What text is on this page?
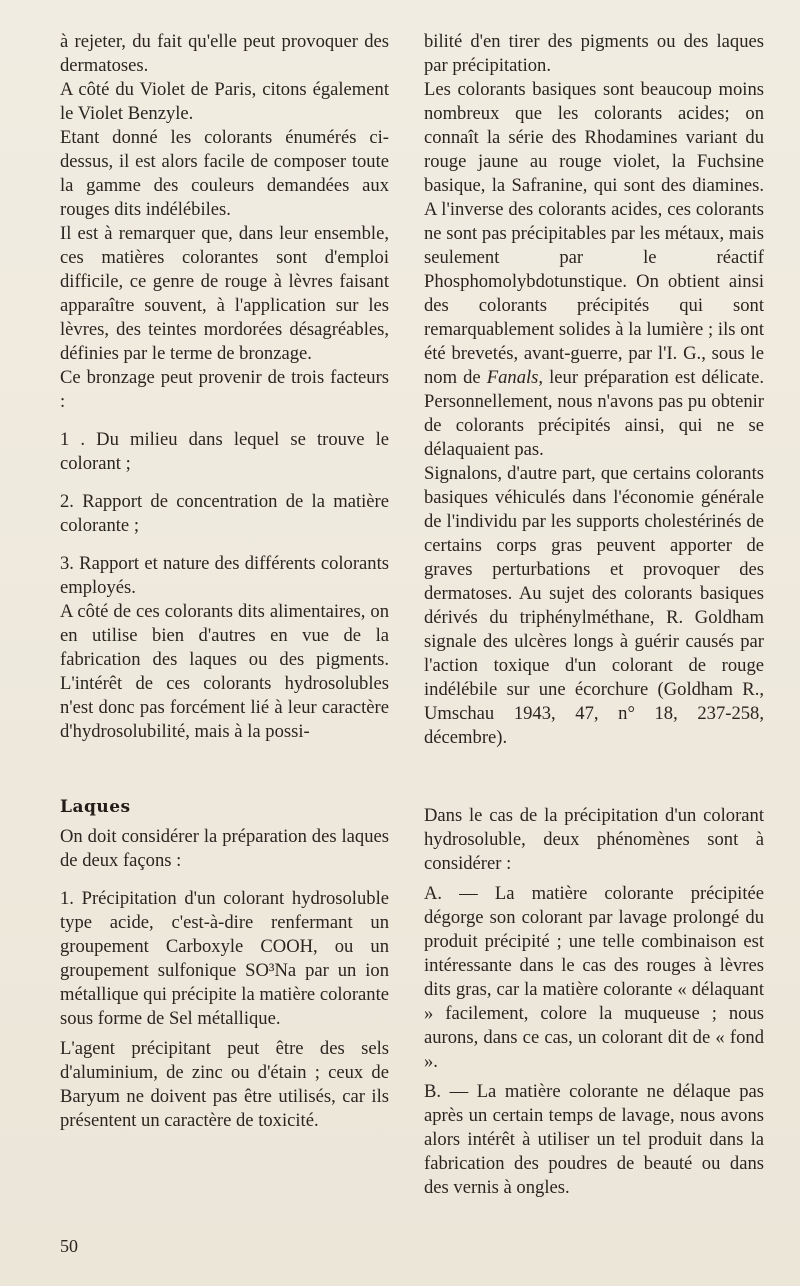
à rejeter, du fait qu'elle peut provoquer des dermatoses.

A côté du Violet de Paris, citons également le Violet Benzyle.

Etant donné les colorants énumérés ci-dessus, il est alors facile de composer toute la gamme des couleurs demandées aux rouges dits indélébiles.

Il est à remarquer que, dans leur ensemble, ces matières colorantes sont d'emploi difficile, ce genre de rouge à lèvres faisant apparaître souvent, à l'application sur les lèvres, des teintes mordorées désagréables, définies par le terme de bronzage.

Ce bronzage peut provenir de trois facteurs :

1 . Du milieu dans lequel se trouve le colorant ;

2. Rapport de concentration de la matière colorante ;

3. Rapport et nature des différents colorants employés.

A côté de ces colorants dits alimentaires, on en utilise bien d'autres en vue de la fabrication des laques ou des pigments. L'intérêt de ces colorants hydrosolubles n'est donc pas forcément lié à leur caractère d'hydrosolubilité, mais à la possi-

bilité d'en tirer des pigments ou des laques par précipitation.

Les colorants basiques sont beaucoup moins nombreux que les colorants acides; on connaît la série des Rhodamines variant du rouge jaune au rouge violet, la Fuchsine basique, la Safranine, qui sont des diamines. A l'inverse des colorants acides, ces colorants ne sont pas précipitables par les métaux, mais seulement par le réactif Phosphomolybdotunstique. On obtient ainsi des colorants précipités qui sont remarquablement solides à la lumière ; ils ont été brevetés, avant-guerre, par l'I. G., sous le nom de Fanals, leur préparation est délicate. Personnellement, nous n'avons pas pu obtenir de colorants précipités ainsi, qui ne se délaquaient pas.

Signalons, d'autre part, que certains colorants basiques véhiculés dans l'économie générale de l'individu par les supports cholestérinés de certains corps gras peuvent apporter de graves perturbations et provoquer des dermatoses. Au sujet des colorants basiques dérivés du triphénylméthane, R. Goldham signale des ulcères longs à guérir causés par l'action toxique d'un colorant de rouge indélébile sur une écorchure (Goldham R., Umschau 1943, 47, n° 18, 237-258, décembre).

Laques

On doit considérer la préparation des laques de deux façons :

1. Précipitation d'un colorant hydrosoluble type acide, c'est-à-dire renfermant un groupement Carboxyle COOH, ou un groupement sulfonique SO³Na par un ion métallique qui précipite la matière colorante sous forme de Sel métallique.

L'agent précipitant peut être des sels d'aluminium, de zinc ou d'étain ; ceux de Baryum ne doivent pas être utilisés, car ils présentent un caractère de toxicité.

Dans le cas de la précipitation d'un colorant hydrosoluble, deux phénomènes sont à considérer :

A. — La matière colorante précipitée dégorge son colorant par lavage prolongé du produit précipité ; une telle combinaison est intéressante dans le cas des rouges à lèvres dits gras, car la matière colorante « délaquant » facilement, colore la muqueuse ; nous aurons, dans ce cas, un colorant dit de « fond ».

B. — La matière colorante ne délaque pas après un certain temps de lavage, nous avons alors intérêt à utiliser un tel produit dans la fabrication des poudres de beauté ou dans des vernis à ongles.

50
